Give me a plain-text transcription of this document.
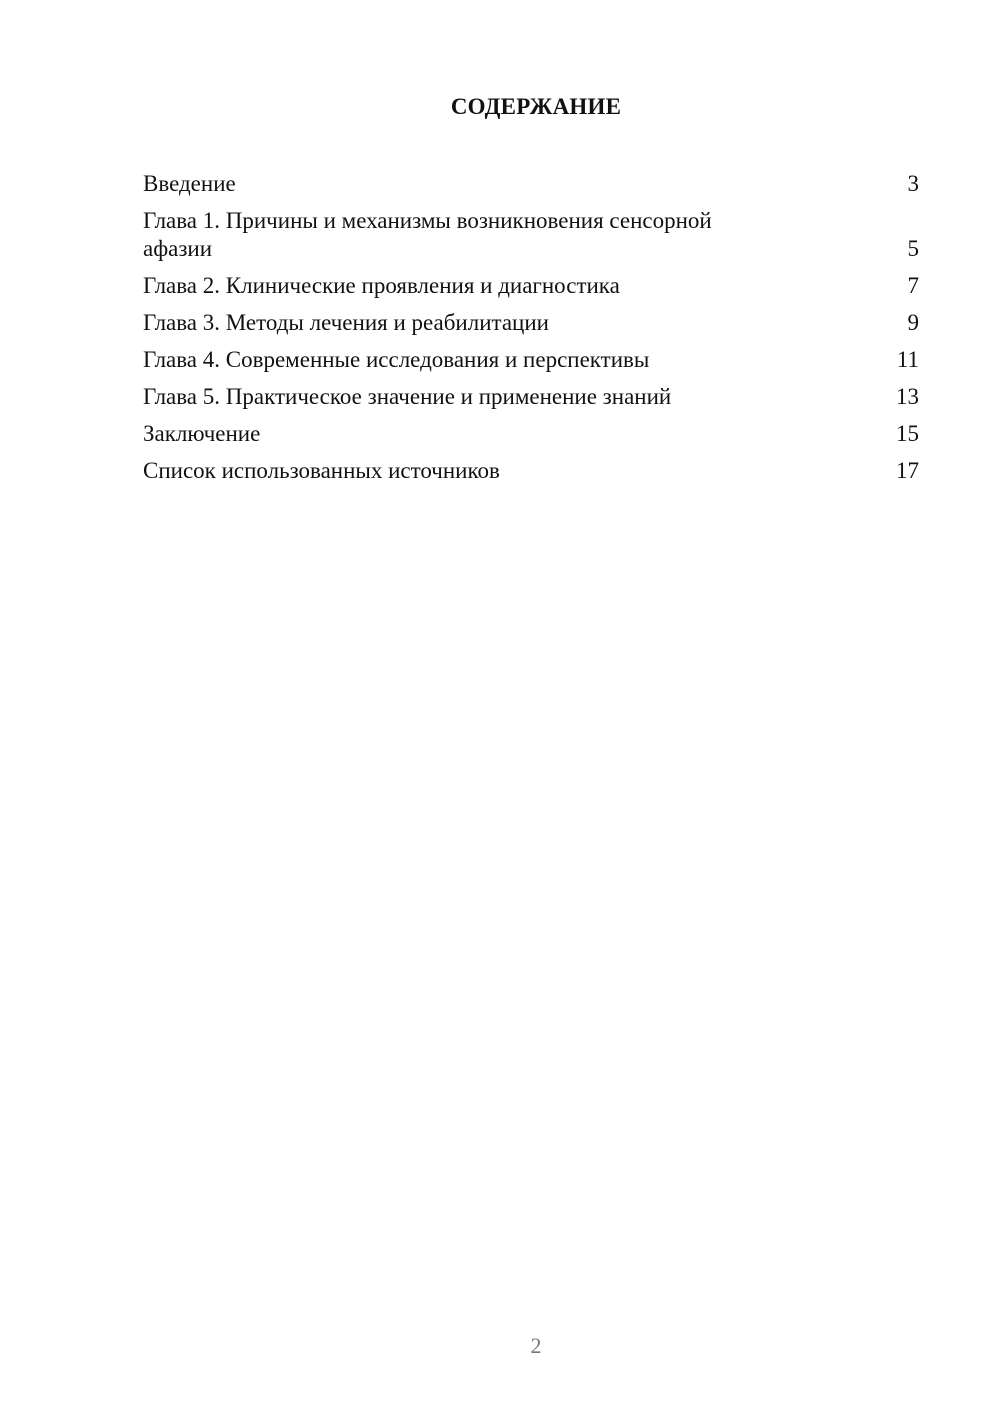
СОДЕРЖАНИЕ
Введение	3
Глава 1. Причины и механизмы возникновения сенсорной афазии	5
Глава 2. Клинические проявления и диагностика	7
Глава 3. Методы лечения и реабилитации	9
Глава 4. Современные исследования и перспективы	11
Глава 5. Практическое значение и применение знаний	13
Заключение	15
Список использованных источников	17
2
